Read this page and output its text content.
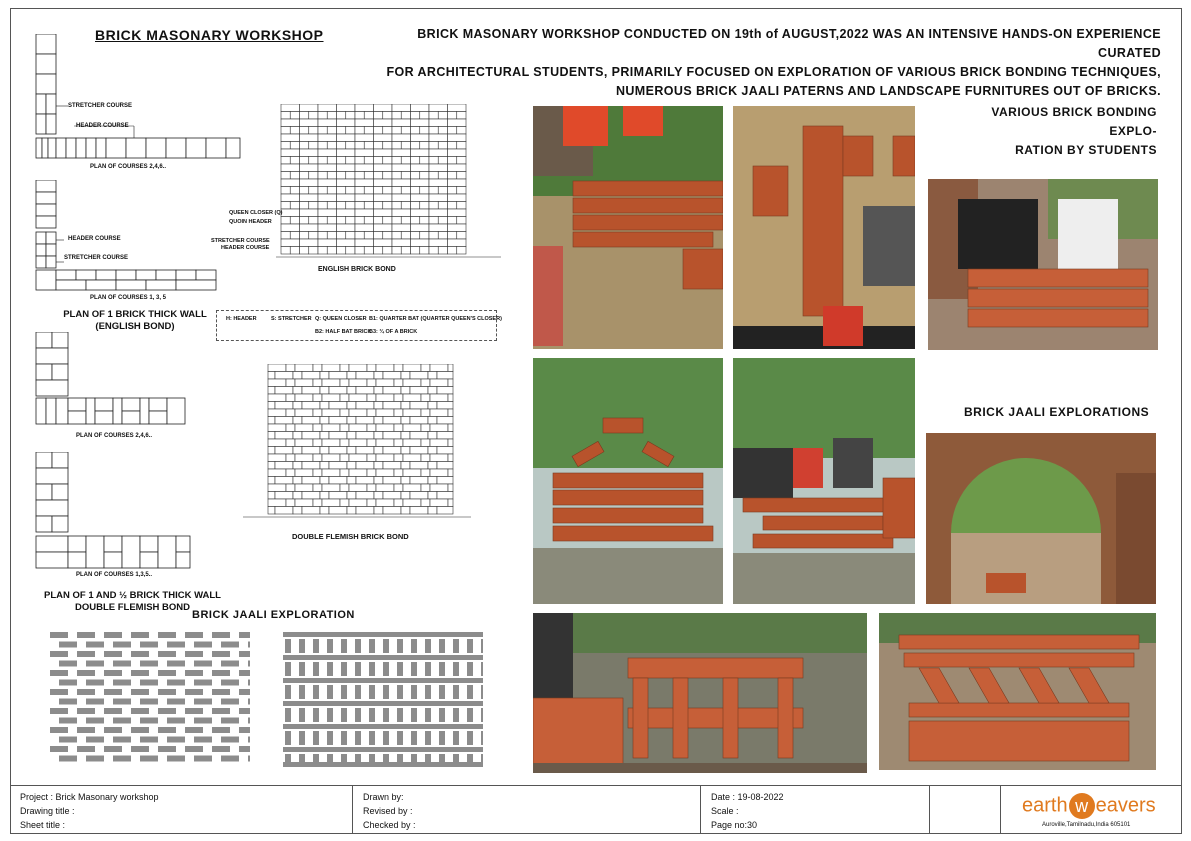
BRICK MASONARY WORKSHOP	BRICK MASONARY WORKSHOP CONDUCTED ON 19th of AUGUST,2022 WAS AN INTENSIVE HANDS-ON EXPERIENCE CURATED
FOR ARCHITECTURAL STUDENTS, PRIMARILY FOCUSED ON EXPLORATION OF VARIOUS BRICK BONDING TECHNIQUES,
NUMEROUS BRICK JAALI PATERNS AND LANDSCAPE FURNITURES OUT OF BRICKS.
STRETCHER COURSE
HEADER COURSE
PLAN OF COURSES 2,4,6..
HEADER COURSE
STRETCHER COURSE
PLAN OF COURSES 1, 3, 5
PLAN OF 1 BRICK THICK WALL
(ENGLISH BOND)
QUEEN CLOSER (Q)
QUOIN HEADER
STRETCHER COURSE
HEADER COURSE
ENGLISH BRICK BOND
H: HEADER	S: STRETCHER Q: QUEEN CLOSER B1: QUARTER BAT (QUARTER QUEEN'S CLOSER)
B2: HALF BAT BRICK
B3: ¾ OF A BRICK
PLAN OF COURSES 2,4,6..
PLAN OF COURSES 1,3,5..
PLAN OF 1 AND ½ BRICK THICK WALL
DOUBLE FLEMISH BOND
DOUBLE FLEMISH BRICK BOND
BRICK JAALI EXPLORATION
VARIOUS BRICK BONDING EXPLO-
RATION BY STUDENTS
BRICK JAALI EXPLORATIONS
Project : Brick Masonary workshop
Drawing title :
Sheet title :
Drawn by:
Revised by :
Checked by :
Date : 19-08-2022
Scale :
Page no:30
earth w eavers
Auroville,Tamilnadu,India 605101
